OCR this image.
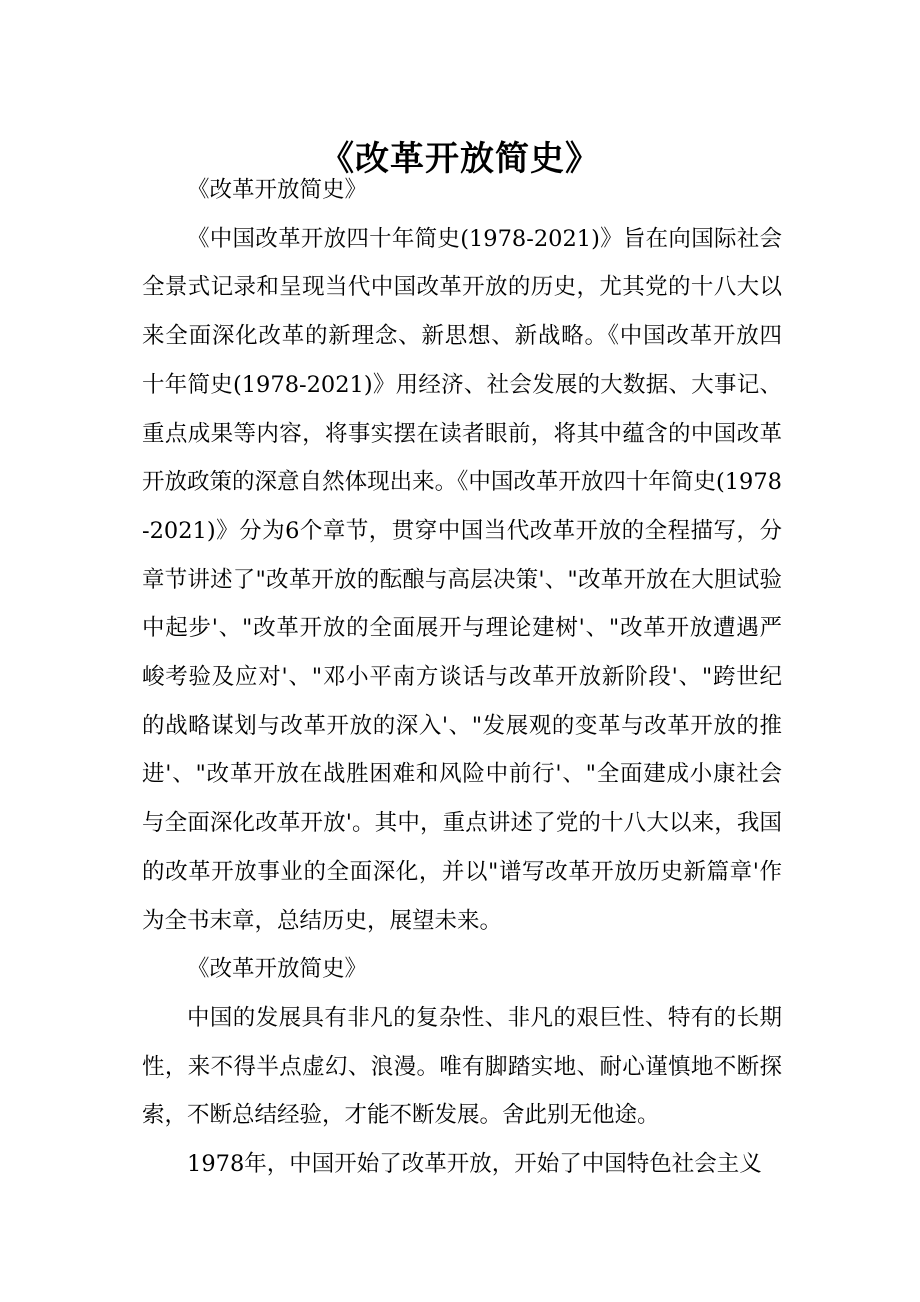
《改革开放简史》

《改革开放简史》

《中国改革开放四十年简史(1978-2021)》旨在向国际社会全景式记录和呈现当代中国改革开放的历史，尤其党的十八大以来全面深化改革的新理念、新思想、新战略。《中国改革开放四十年简史(1978-2021)》用经济、社会发展的大数据、大事记、重点成果等内容，将事实摆在读者眼前，将其中蕴含的中国改革开放政策的深意自然体现出来。《中国改革开放四十年简史(1978-2021)》分为6个章节，贯穿中国当代改革开放的全程描写，分章节讲述了"改革开放的酝酿与高层决策'、"改革开放在大胆试验中起步'、"改革开放的全面展开与理论建树'、"改革开放遭遇严峻考验及应对'、"邓小平南方谈话与改革开放新阶段'、"跨世纪的战略谋划与改革开放的深入'、"发展观的变革与改革开放的推进'、"改革开放在战胜困难和风险中前行'、"全面建成小康社会与全面深化改革开放'。其中，重点讲述了党的十八大以来，我国的改革开放事业的全面深化，并以"谱写改革开放历史新篇章'作为全书末章，总结历史，展望未来。

《改革开放简史》

中国的发展具有非凡的复杂性、非凡的艰巨性、特有的长期性，来不得半点虚幻、浪漫。唯有脚踏实地、耐心谨慎地不断探索，不断总结经验，才能不断发展。舍此别无他途。

1978年，中国开始了改革开放，开始了中国特色社会主义
